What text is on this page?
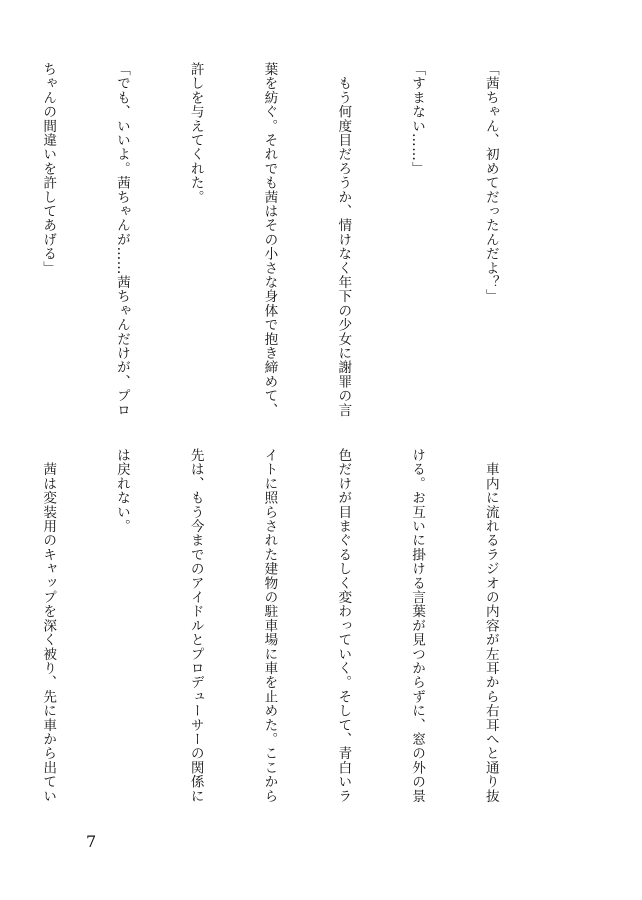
「茜ちゃん、初めてだったんだよ？」

「すまない……」

　もう何度目だろうか、情けなく年下の少女に謝罪の言

葉を紡ぐ。それでも茜はその小さな身体で抱き締めて、

許しを与えてくれた。

「でも、いいよ。茜ちゃんが……茜ちゃんだけが、プロ

ちゃんの間違いを許してあげる」

　車内に流れるラジオの内容が左耳から右耳へと通り抜

ける。お互いに掛ける言葉が見つからずに、窓の外の景

色だけが目まぐるしく変わっていく。そして、青白いラ

イトに照らされた建物の駐車場に車を止めた。ここから

先は、もう今までのアイドルとプロデューサーの関係に

は戻れない。

　茜は変装用のキャップを深く被り、先に車から出てい

7
